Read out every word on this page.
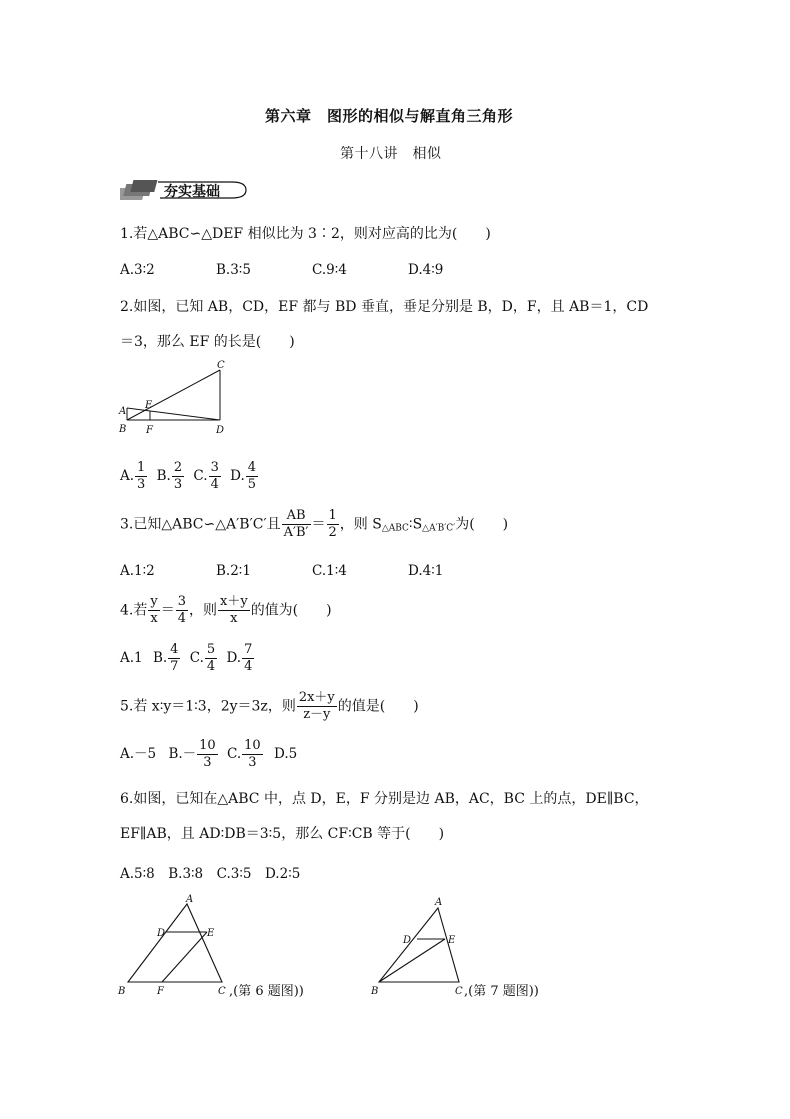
第六章　图形的相似与解直角三角形
第十八讲　相似
夯实基础
1.若△ABC∽△DEF 相似比为 3∶2，则对应高的比为(　　)
A.3∶2	B.3∶5	C.9∶4	D.4∶9
2.如图，已知 AB，CD，EF 都与 BD 垂直，垂足分别是 B，D，F，且 AB＝1，CD
＝3，那么 EF 的长是(　　)
A
B
C
D
E
F
A. $\frac{1}{3} B$. $\frac{2}{3} C$. $\frac{3}{4} D$. $\frac{4}{5}$
3.已知△ABC∽△A′B′C′且 $\frac{AB}{A'B'} = \frac{1}{2}$ ，则 $S_{\triangle ABC}∶S_{\triangle A'B'C'}$为(　　)
A.1∶2	B.2∶1	C.1∶4	D.4∶1
4.若 $\frac{y}{x} = \frac{3}{4}$ ，则 $\frac{x+y}{x}$ 的值为(　　)
A.1 B. $\frac{4}{7} C$. $\frac{5}{4} D$. $\frac{7}{4}$
5.若 x∶y＝1∶3，2y＝3z，则 $\frac{2x+y}{z-y}$ 的值是(　　)
A.－5 $B.- \frac{10}{3} C$. $\frac{10}{3} D.5$
6.如图，已知在△ABC 中，点 D，E，F 分别是边 AB，AC，BC 上的点，DE∥BC，
EF∥AB，且 AD∶DB＝3∶5，那么 CF∶CB 等于(　　)
A.5∶8　B.3∶8　C.3∶5　D.2∶5
A
D	E
B	F	C ,(第 6 题图))
A
D	E
B	C ,(第 7 题图))
